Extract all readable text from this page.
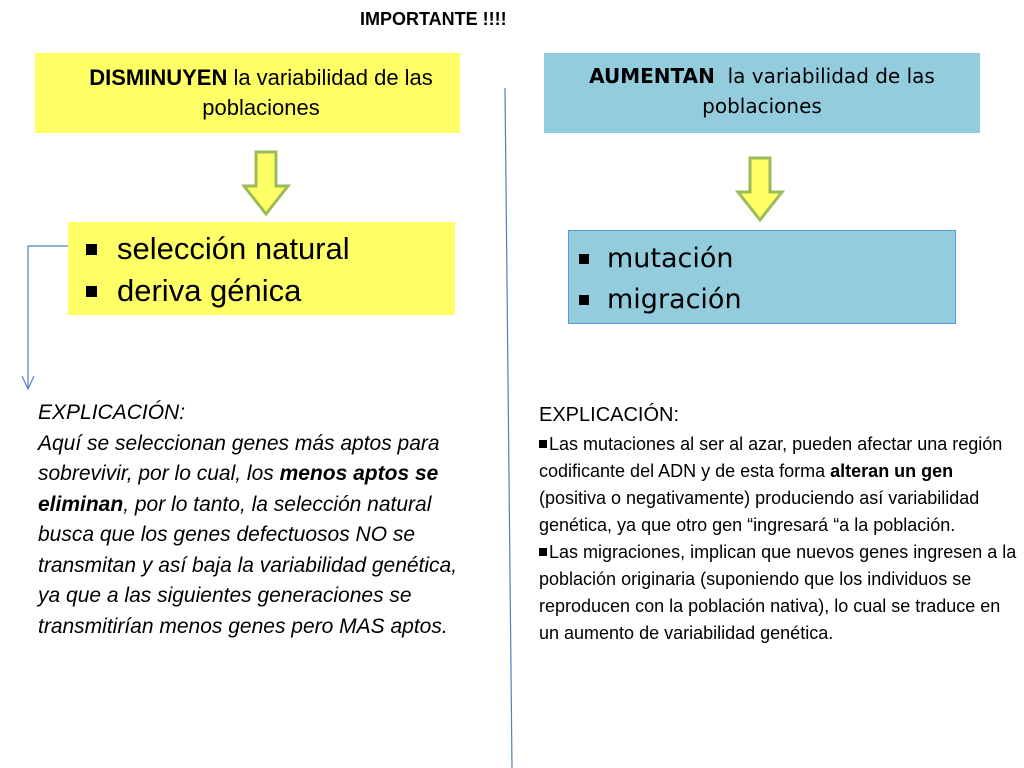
IMPORTANTE !!!!
DISMINUYEN la variabilidad de las poblaciones
AUMENTAN  la variabilidad de las poblaciones
selección natural
deriva génica
mutación
migración
EXPLICACIÓN:
Aquí se seleccionan genes más aptos para sobrevivir, por lo cual, los menos aptos se eliminan, por lo tanto, la selección natural busca que los genes defectuosos NO se transmitan y así baja la variabilidad genética, ya que a las siguientes generaciones se transmitirían menos genes pero MAS aptos.
EXPLICACIÓN:
Las mutaciones al ser al azar, pueden afectar una región codificante del ADN y de esta forma alteran un gen (positiva o negativamente) produciendo así variabilidad genética, ya que otro gen “ingresará “a la población.
Las migraciones, implican que nuevos genes ingresen a la población originaria (suponiendo que los individuos se reproducen con la población nativa), lo cual se traduce en un aumento de variabilidad genética.
